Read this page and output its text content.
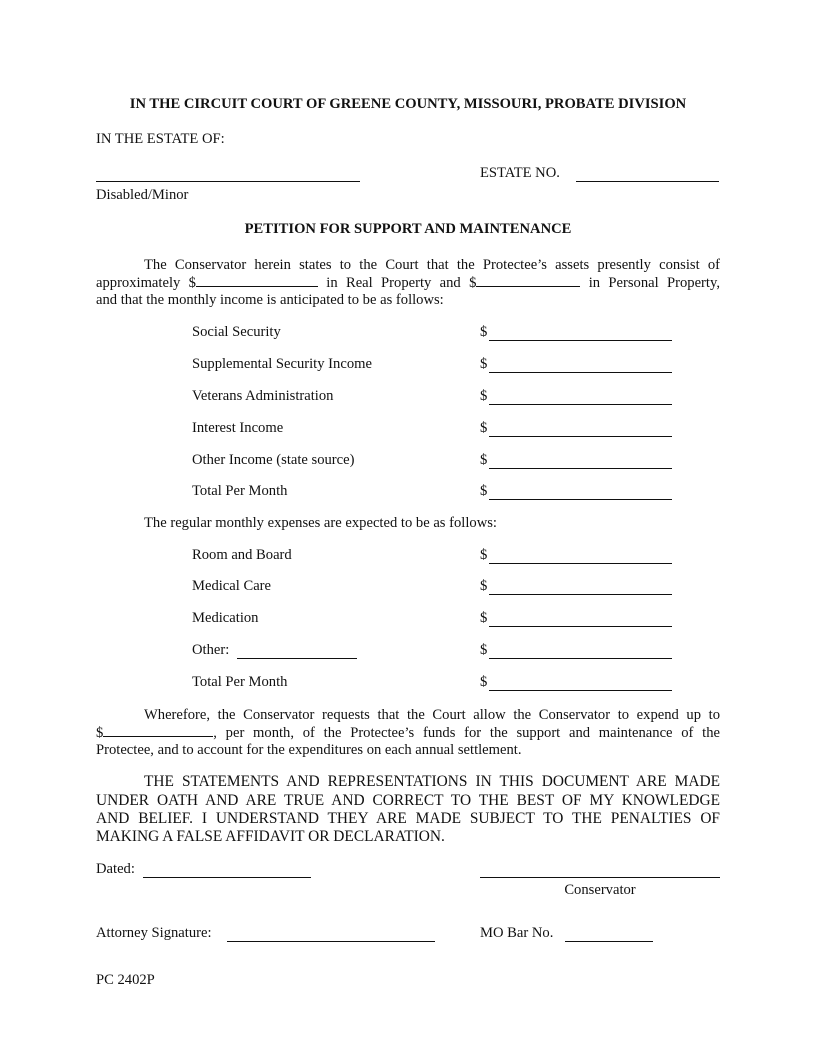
IN THE CIRCUIT COURT OF GREENE COUNTY, MISSOURI, PROBATE DIVISION
IN THE ESTATE OF:
ESTATE NO.
Disabled/Minor
PETITION FOR SUPPORT AND MAINTENANCE
The Conservator herein states to the Court that the Protectee’s assets presently consist of
approximately $	in Real Property and $	in Personal Property,
and that the monthly income is anticipated to be as follows:
Social Security	$
Supplemental Security Income	$
Veterans Administration	$
Interest Income	$
Other Income (state source)	$
Total Per Month	$
The regular monthly expenses are expected to be as follows:
Room and Board	$
Medical Care	$
Medication	$
Other:	$
Total Per Month	$
Wherefore, the Conservator requests that the Court allow the Conservator to expend up to
$	, per month, of the Protectee’s funds for the support and maintenance of the
Protectee, and to account for the expenditures on each annual settlement.
THE STATEMENTS AND REPRESENTATIONS IN THIS DOCUMENT ARE MADE
UNDER OATH AND ARE TRUE AND CORRECT TO THE BEST OF MY KNOWLEDGE
AND BELIEF. I UNDERSTAND THEY ARE MADE SUBJECT TO THE PENALTIES OF
MAKING A FALSE AFFIDAVIT OR DECLARATION.
Dated:
Conservator
Attorney Signature:	MO Bar No.
PC 2402P
